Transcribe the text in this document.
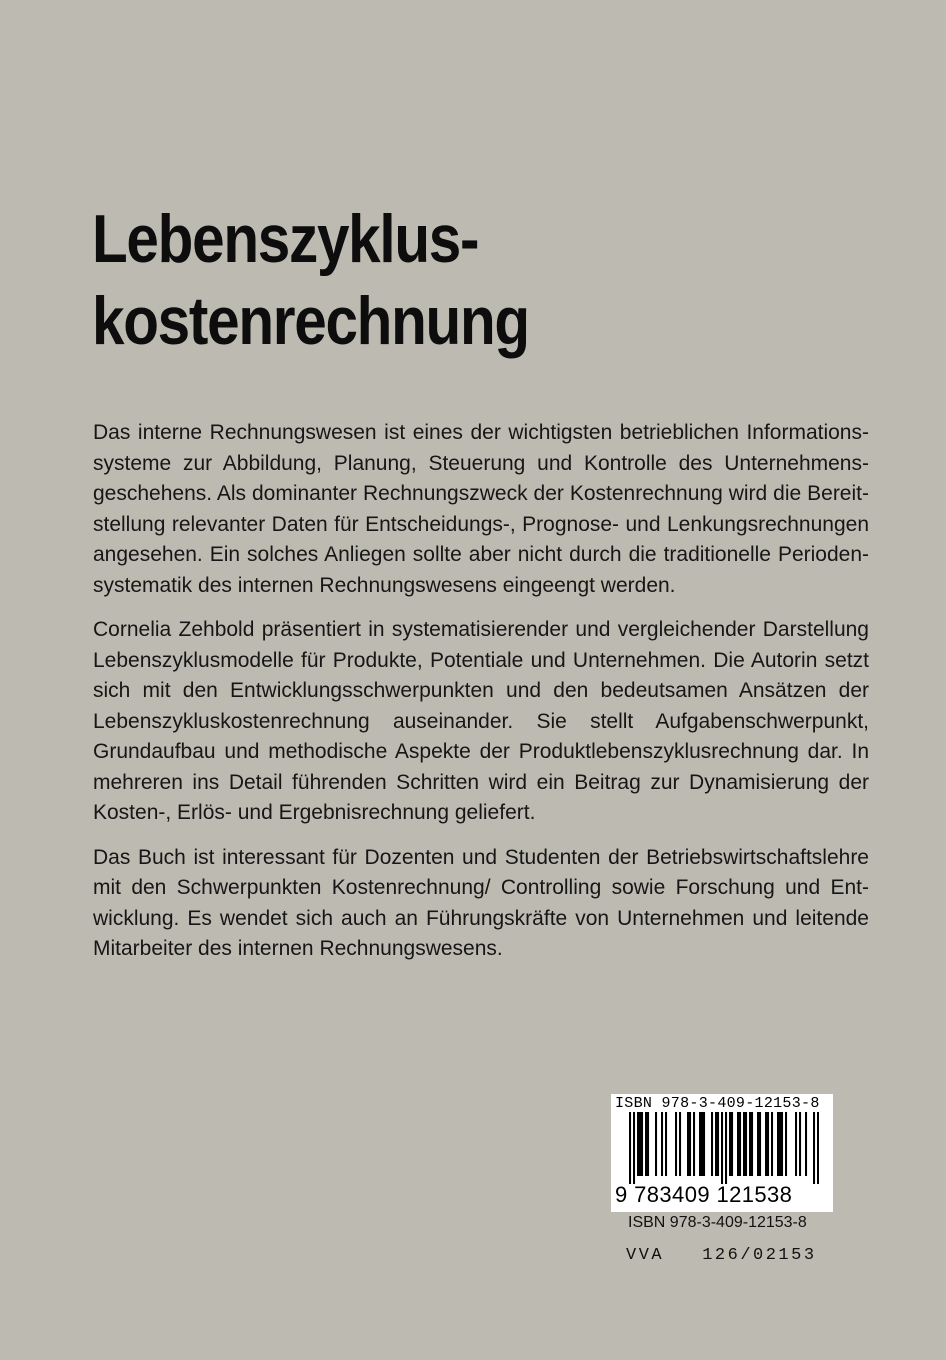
Lebenszyklus-
kostenrechnung

Das interne Rechnungswesen ist eines der wichtigsten betrieblichen Informationssysteme zur Abbildung, Planung, Steuerung und Kontrolle des Unternehmensgeschehens. Als dominanter Rechnungszweck der Kostenrechnung wird die Bereitstellung relevanter Daten für Entscheidungs-, Prognose- und Lenkungsrechnungen angesehen. Ein solches Anliegen sollte aber nicht durch die traditionelle Periodensystematik des internen Rechnungswesens eingeengt werden.

Cornelia Zehbold präsentiert in systematisierender und vergleichender Darstellung Lebenszyklusmodelle für Produkte, Potentiale und Unternehmen. Die Autorin setzt sich mit den Entwicklungsschwerpunkten und den bedeutsamen Ansätzen der Lebenszykluskostenrechnung auseinander. Sie stellt Aufgabenschwerpunkt, Grundaufbau und methodische Aspekte der Produktlebenszyklusrechnung dar. In mehreren ins Detail führenden Schritten wird ein Beitrag zur Dynamisierung der Kosten-, Erlös- und Ergebnisrechnung geliefert.

Das Buch ist interessant für Dozenten und Studenten der Betriebswirtschaftslehre mit den Schwerpunkten Kostenrechnung/ Controlling sowie Forschung und Entwicklung. Es wendet sich auch an Führungskräfte von Unternehmen und leitende Mitarbeiter des internen Rechnungswesens.

ISBN 978-3-409-12153-8
9 783409 121538
ISBN 978-3-409-12153-8
VVA   126/02153
